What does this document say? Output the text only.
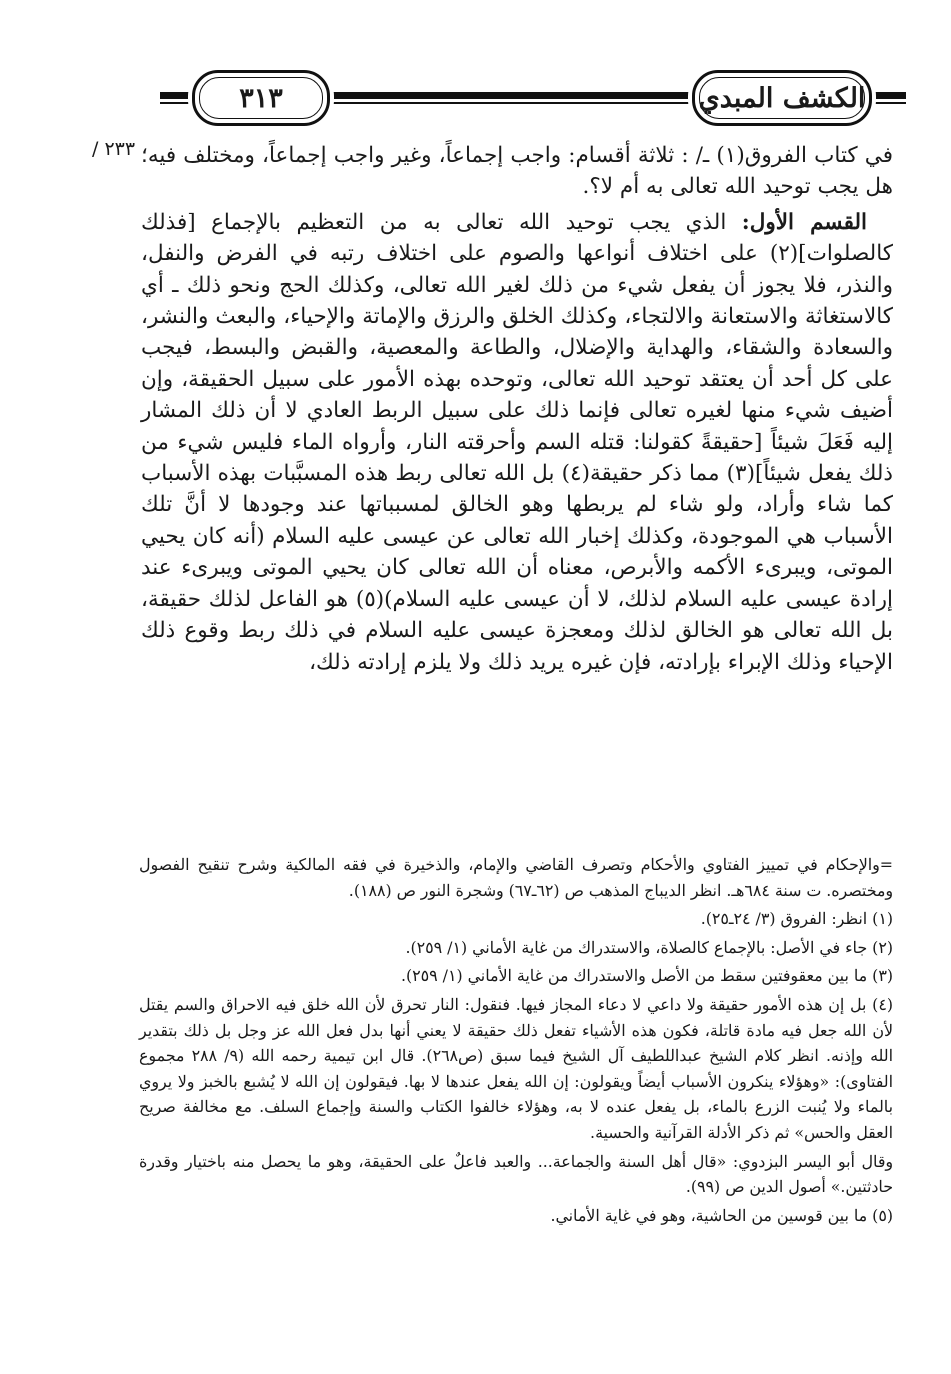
الكشف المبدي
٣١٣
/ ٢٣٣ في كتاب الفروق(١) ـ/ : ثلاثة أقسام: واجب إجماعاً، وغير واجب إجماعاً، ومختلف فيه؛ هل يجب توحيد الله تعالى به أم لا؟.

القسم الأول: الذي يجب توحيد الله تعالى به من التعظيم بالإجماع [فذلك كالصلوات](٢) على اختلاف أنواعها والصوم على اختلاف رتبه في الفرض والنفل، والنذر، فلا يجوز أن يفعل شيء من ذلك لغير الله تعالى، وكذلك الحج ونحو ذلك ـ أي كالاستغاثة والاستعانة والالتجاء، وكذلك الخلق والرزق والإماتة والإحياء، والبعث والنشر، والسعادة والشقاء، والهداية والإضلال، والطاعة والمعصية، والقبض والبسط، فيجب على كل أحد أن يعتقد توحيد الله تعالى، وتوحده بهذه الأمور على سبيل الحقيقة، وإن أضيف شيء منها لغيره تعالى فإنما ذلك على سبيل الربط العادي لا أن ذلك المشار إليه فَعَلَ شيئاً [حقيقةً كقولنا: قتله السم وأحرقته النار، وأرواه الماء فليس شيء من ذلك يفعل شيئاً](٣) مما ذكر حقيقة(٤) بل الله تعالى ربط هذه المسبَّبات بهذه الأسباب كما شاء وأراد، ولو شاء لم يربطها وهو الخالق لمسبباتها عند وجودها لا أنَّ تلك الأسباب هي الموجودة، وكذلك إخبار الله تعالى عن عيسى عليه السلام (أنه كان يحيي الموتى، ويبرىء الأكمه والأبرص، معناه أن الله تعالى كان يحيي الموتى ويبرىء عند إرادة عيسى عليه السلام لذلك، لا أن عيسى عليه السلام)(٥) هو الفاعل لذلك حقيقة، بل الله تعالى هو الخالق لذلك ومعجزة عيسى عليه السلام في ذلك ربط وقوع ذلك الإحياء وذلك الإبراء بإرادته، فإن غيره يريد ذلك ولا يلزم إرادته ذلك،

=والإحكام في تمييز الفتاوي والأحكام وتصرف القاضي والإمام، والذخيرة في فقه المالكية وشرح تنقيح الفصول ومختصره. ت سنة ٦٨٤هـ. انظر الديباج المذهب ص (٦٢ـ٦٧) وشجرة النور ص (١٨٨).

(١) انظر: الفروق (٣/ ٢٤ـ٢٥).

(٢) جاء في الأصل: بالإجماع كالصلاة، والاستدراك من غاية الأماني (١/ ٢٥٩).

(٣) ما بين معقوفتين سقط من الأصل والاستدراك من غاية الأماني (١/ ٢٥٩).

(٤) بل إن هذه الأمور حقيقة ولا داعي لا دعاء المجاز فيها. فنقول: النار تحرق لأن الله خلق فيه الاحراق والسم يقتل لأن الله جعل فيه مادة قاتلة، فكون هذه الأشياء تفعل ذلك حقيقة لا يعني أنها بدل فعل الله عز وجل بل ذلك بتقدير الله وإذنه. انظر كلام الشيخ عبداللطيف آل الشيخ فيما سبق (ص٢٦٨). قال ابن تيمية رحمه الله (٩/ ٢٨٨ مجموع الفتاوى): «وهؤلاء ينكرون الأسباب أيضاً ويقولون: إن الله يفعل عندها لا بها. فيقولون إن الله لا يُشبع بالخبز ولا يروي بالماء ولا يُنبت الزرع بالماء، بل يفعل عنده لا به، وهؤلاء خالفوا الكتاب والسنة وإجماع السلف. مع مخالفة صريح العقل والحس» ثم ذكر الأدلة القرآنية والحسية.

وقال أبو اليسر البزدوي: «قال أهل السنة والجماعة... والعبد فاعلٌ على الحقيقة، وهو ما يحصل منه باختيار وقدرة حادثتين.» أصول الدين ص (٩٩).

(٥) ما بين قوسين من الحاشية، وهو في غاية الأماني.
